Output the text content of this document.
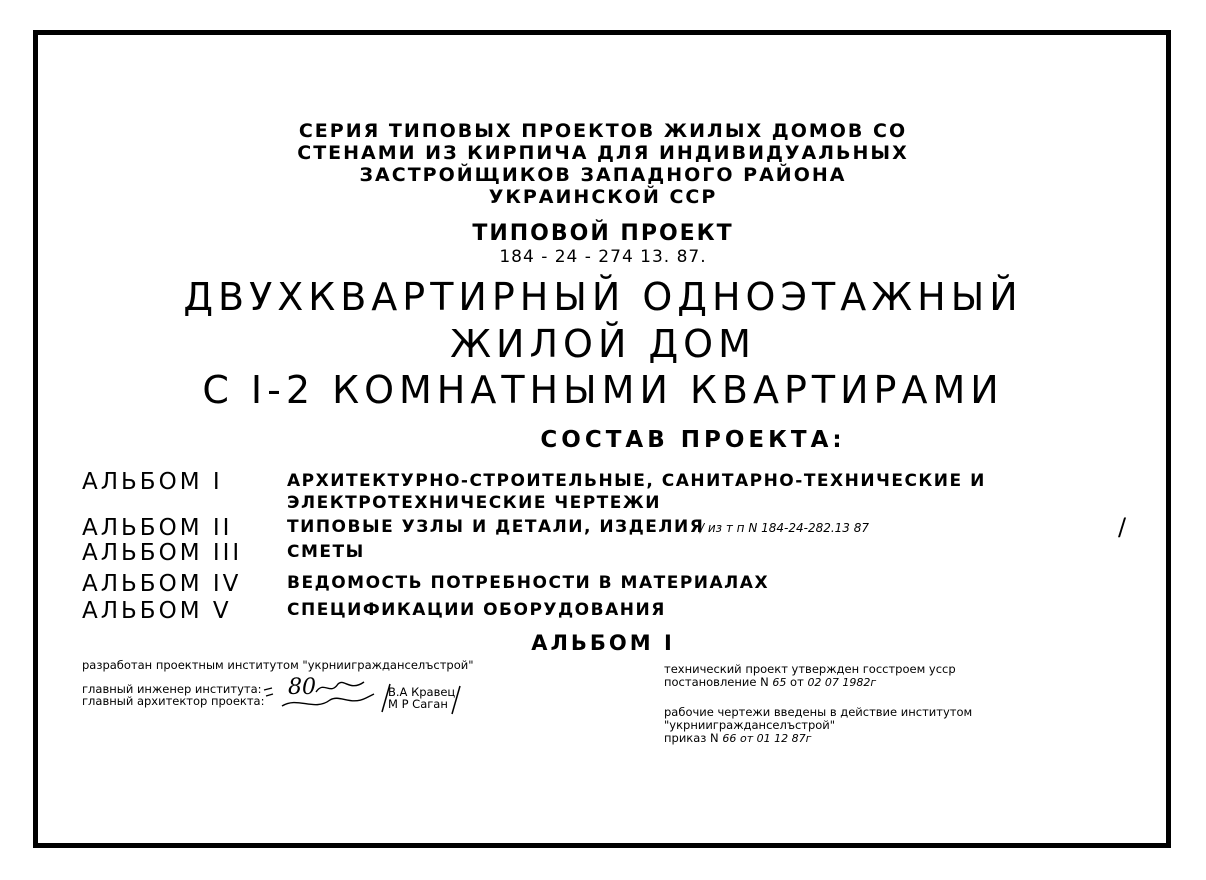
СЕРИЯ ТИПОВЫХ ПРОЕКТОВ ЖИЛЫХ ДОМОВ СО
СТЕНАМИ ИЗ КИРПИЧА ДЛЯ ИНДИВИДУАЛЬНЫХ
ЗАСТРОЙЩИКОВ ЗАПАДНОГО РАЙОНА
УКРАИНСКОЙ ССР
ТИПОВОЙ ПРОЕКТ
184 - 24 - 274 13. 87.
ДВУХКВАРТИРНЫЙ ОДНОЭТАЖНЫЙ
ЖИЛОЙ ДОМ
С I-2 КОМНАТНЫМИ КВАРТИРАМИ
СОСТАВ ПРОЕКТА:
АЛЬБОМ I	АРХИТЕКТУРНО-СТРОИТЕЛЬНЫЕ, САНИТАРНО-ТЕХНИЧЕСКИЕ И
ЭЛЕКТРОТЕХНИЧЕСКИЕ ЧЕРТЕЖИ
АЛЬБОМ II	ТИПОВЫЕ УЗЛЫ И ДЕТАЛИ, ИЗДЕЛИЯ
/ из т п N 184-24-282.13 87	/
АЛЬБОМ III	СМЕТЫ
АЛЬБОМ IV	ВЕДОМОСТЬ ПОТРЕБНОСТИ В МАТЕРИАЛАХ
АЛЬБОМ V	СПЕЦИФИКАЦИИ ОБОРУДОВАНИЯ
АЛЬБОМ I
разработан проектным институтом "укрниигражданселъстрой"
главный инженер института:
главный архитектор проекта:
80	В.А Кравец
М Р Саган
технический проект утвержден госстроем усср
постановление N 65 от 02 07 1982г
рабочие чертежи введены в действие институтом
"укрниигражданселъстрой"
приказ N 66 от 01 12 87г
